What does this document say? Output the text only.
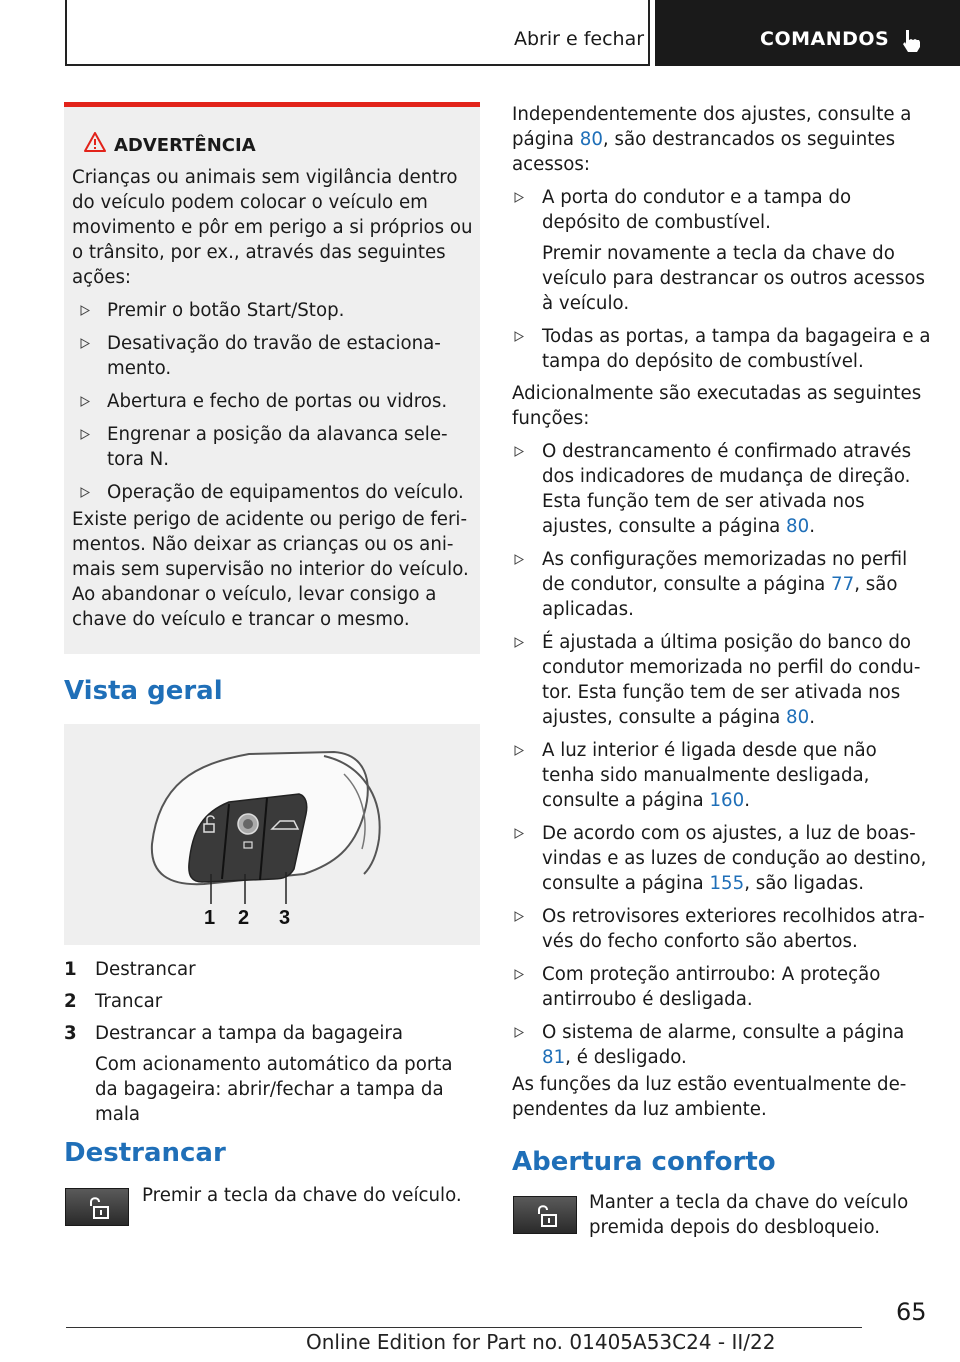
Abrir e fechar	COMANDOS
ADVERTÊNCIA

Crianças ou animais sem vigilância dentro do veículo podem colocar o veículo em movimento e pôr em perigo a si próprios ou o trânsito, por ex., através das seguintes ações:

Premir o botão Start/Stop.
Desativação do travão de estacionamento.
Abertura e fecho de portas ou vidros.
Engrenar a posição da alavanca seletora N.
Operação de equipamentos do veículo.

Existe perigo de acidente ou perigo de ferimentos. Não deixar as crianças ou os animais sem supervisão no interior do veículo. Ao abandonar o veículo, levar consigo a chave do veículo e trancar o mesmo.

Vista geral
1 2 3
1 Destrancar
2 Trancar
3 Destrancar a tampa da bagageira

Com acionamento automático da porta da bagageira: abrir/fechar a tampa da mala

Destrancar

Premir a tecla da chave do veículo.

Independentemente dos ajustes, consulte a página 80, são destrancados os seguintes acessos:

A porta do condutor e a tampa do depósito de combustível.

Premir novamente a tecla da chave do veículo para destrancar os outros acessos à veículo.

Todas as portas, a tampa da bagageira e a tampa do depósito de combustível.

Adicionalmente são executadas as seguintes funções:

O destrancamento é confirmado através dos indicadores de mudança de direção. Esta função tem de ser ativada nos ajustes, consulte a página 80.
As configurações memorizadas no perfil de condutor, consulte a página 77, são aplicadas.
É ajustada a última posição do banco do condutor memorizada no perfil do condutor. Esta função tem de ser ativada nos ajustes, consulte a página 80.
A luz interior é ligada desde que não tenha sido manualmente desligada, consulte a página 160.
De acordo com os ajustes, a luz de boas-vindas e as luzes de condução ao destino, consulte a página 155, são ligadas.
Os retrovisores exteriores recolhidos através do fecho conforto são abertos.
Com proteção antirroubo: A proteção antirroubo é desligada.
O sistema de alarme, consulte a página 81, é desligado.

As funções da luz estão eventualmente dependentes da luz ambiente.

Abertura conforto

Manter a tecla da chave do veículo premida depois do desbloqueio.

65
Online Edition for Part no. 01405A53C24 - II/22
